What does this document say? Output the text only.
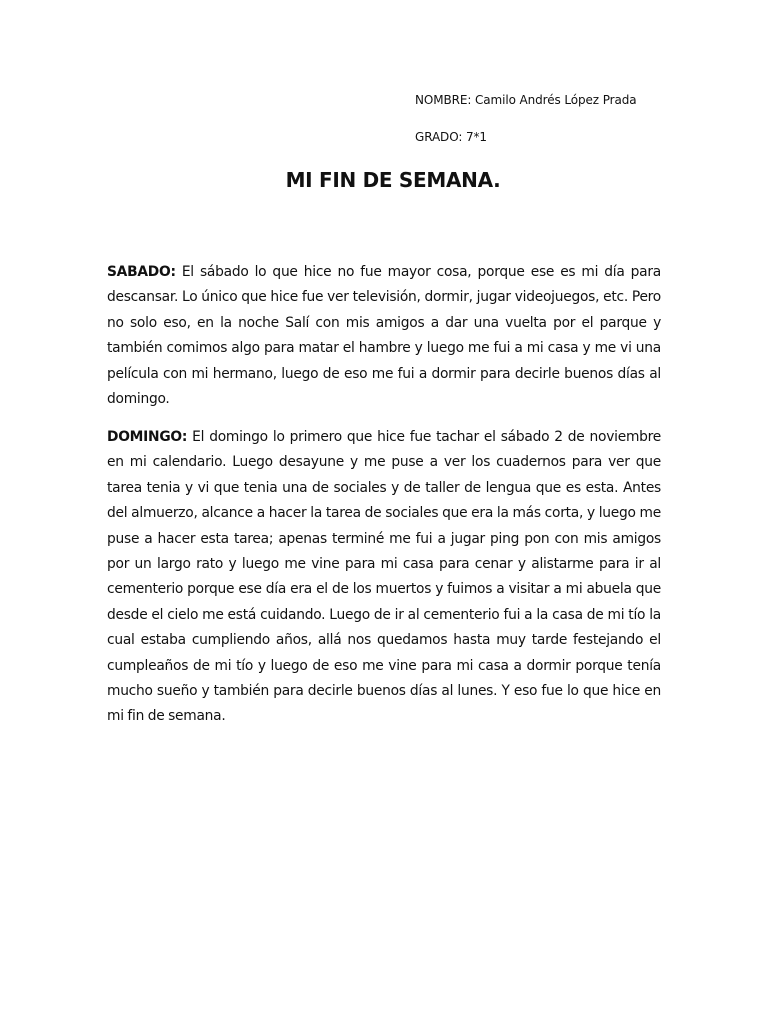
NOMBRE: Camilo Andrés López Prada
GRADO: 7*1
MI FIN DE SEMANA.

SABADO: El sábado lo que hice no fue mayor cosa, porque ese es mi día para descansar. Lo único que hice fue ver televisión, dormir, jugar videojuegos, etc. Pero no solo eso, en la noche Salí con mis amigos a dar una vuelta por el parque y también comimos algo para matar el hambre y luego me fui a mi casa y me vi una película con mi hermano, luego de eso me fui a dormir para decirle buenos días al domingo.

DOMINGO: El domingo lo primero que hice fue tachar el sábado 2 de noviembre en mi calendario. Luego desayune y me puse a ver los cuadernos para ver que tarea tenia y vi que tenia una de sociales y de taller de lengua que es esta. Antes del almuerzo, alcance a hacer la tarea de sociales que era la más corta, y luego me puse a hacer esta tarea; apenas terminé me fui a jugar ping pon con mis amigos por un largo rato y luego me vine para mi casa para cenar y alistarme para ir al cementerio porque ese día era el de los muertos y fuimos a visitar a mi abuela que desde el cielo me está cuidando. Luego de ir al cementerio fui a la casa de mi tío la cual estaba cumpliendo años, allá nos quedamos hasta muy tarde festejando el cumpleaños de mi tío y luego de eso me vine para mi casa a dormir porque tenía mucho sueño y también para decirle buenos días al lunes. Y eso fue lo que hice en mi fin de semana.
